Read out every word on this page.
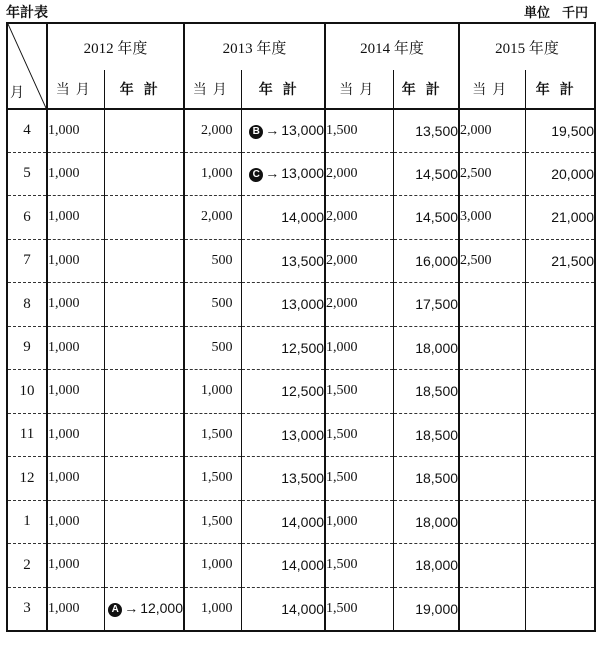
年計表	単位 千円
月	2012 年度		2013 年度		2014 年度		2015 年度	
	当月	年計	当月	年計	当月	年計	当月	年計
4	1,000		2,000	B → 13,000	1,500	13,500	2,000	19,500
5	1,000		1,000	C → 13,000	2,000	14,500	2,500	20,000
6	1,000		2,000	14,000	2,000	14,500	3,000	21,000
7	1,000		500	13,500	2,000	16,000	2,500	21,500
8	1,000		500	13,000	2,000	17,500		
9	1,000		500	12,500	1,000	18,000		
10	1,000		1,000	12,500	1,500	18,500		
11	1,000		1,500	13,000	1,500	18,500		
12	1,000		1,500	13,500	1,500	18,500		
1	1,000		1,500	14,000	1,000	18,000		
2	1,000		1,000	14,000	1,500	18,000		
3	1,000	A → 12,000	1,000	14,000	1,500	19,000		
